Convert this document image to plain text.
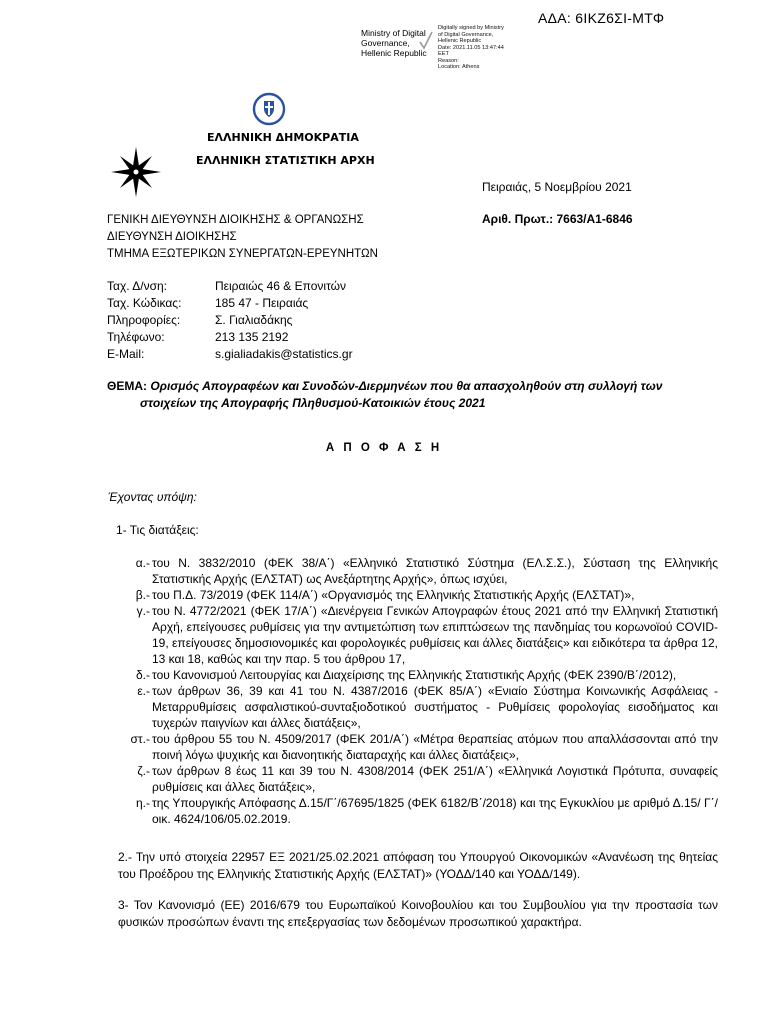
ΑΔΑ: 6ΙΚΖ6ΣΙ-ΜΤΦ
Ministry of Digital
Governance,
Hellenic Republic
Digitally signed by Ministry
of Digital Governance,
Hellenic Republic
Date: 2021.11.05 13:47:44
EET
Reason:
Location: Athens
ΕΛΛΗΝΙΚΗ ΔΗΜΟΚΡΑΤΙΑ
ΕΛΛΗΝΙΚΗ ΣΤΑΤΙΣΤΙΚΗ ΑΡΧΗ
Πειραιάς, 5 Νοεμβρίου 2021
Αριθ. Πρωτ.: 7663/Α1-6846
ΓΕΝΙΚΗ ΔΙΕΥΘΥΝΣΗ ΔΙΟΙΚΗΣΗΣ & ΟΡΓΑΝΩΣΗΣ
ΔΙΕΥΘΥΝΣΗ ΔΙΟΙΚΗΣΗΣ
ΤΜΗΜΑ ΕΞΩΤΕΡΙΚΩΝ ΣΥΝΕΡΓΑΤΩΝ-ΕΡΕΥΝΗΤΩΝ
Ταχ. Δ/νση:	Πειραιώς 46 & Επονιτών
Ταχ. Κώδικας:	185 47 - Πειραιάς
Πληροφορίες:	Σ. Γιαλιαδάκης
Τηλέφωνο:	213 135 2192
E-Mail:	s.gialiadakis@statistics.gr
ΘΕΜΑ: Ορισμός Απογραφέων και Συνοδών-Διερμηνέων που θα απασχοληθούν στη συλλογή των
στοιχείων της Απογραφής Πληθυσμού-Κατοικιών έτους 2021
Α Π Ο Φ Α Σ Η
Έχοντας υπόψη:
1- Τις διατάξεις:
α.- του Ν. 3832/2010 (ΦΕΚ 38/Α΄) «Ελληνικό Στατιστικό Σύστημα (ΕΛ.Σ.Σ.), Σύσταση της Ελληνικής Στατιστικής Αρχής (ΕΛΣΤΑΤ) ως Ανεξάρτητης Αρχής», όπως ισχύει,
β.- του Π.Δ. 73/2019 (ΦΕΚ 114/Α΄) «Οργανισμός της Ελληνικής Στατιστικής Αρχής (ΕΛΣΤΑΤ)»,
γ.- του Ν. 4772/2021 (ΦΕΚ 17/Α΄) «Διενέργεια Γενικών Απογραφών έτους 2021 από την Ελληνική Στατιστική Αρχή, επείγουσες ρυθμίσεις για την αντιμετώπιση των επιπτώσεων της πανδημίας του κορωνοϊού COVID-19, επείγουσες δημοσιονομικές και φορολογικές ρυθμίσεις και άλλες διατάξεις» και ειδικότερα τα άρθρα 12, 13 και 18, καθώς και την παρ. 5 του άρθρου 17,
δ.- του Κανονισμού Λειτουργίας και Διαχείρισης της Ελληνικής Στατιστικής Αρχής (ΦΕΚ 2390/Β΄/2012),
ε.- των άρθρων 36, 39 και 41 του Ν. 4387/2016 (ΦΕΚ 85/Α΄) «Ενιαίο Σύστημα Κοινωνικής Ασφάλειας - Μεταρρυθμίσεις ασφαλιστικού-συνταξιοδοτικού συστήματος - Ρυθμίσεις φορολογίας εισοδήματος και τυχερών παιγνίων και άλλες διατάξεις»,
στ.- του άρθρου 55 του Ν. 4509/2017 (ΦΕΚ 201/Α΄) «Μέτρα θεραπείας ατόμων που απαλλάσσονται από την ποινή λόγω ψυχικής και διανοητικής διαταραχής και άλλες διατάξεις»,
ζ.- των άρθρων 8 έως 11 και 39 του Ν. 4308/2014 (ΦΕΚ 251/Α΄) «Ελληνικά Λογιστικά Πρότυπα, συναφείς ρυθμίσεις και άλλες διατάξεις»,
η.- της Υπουργικής Απόφασης Δ.15/Γ΄/67695/1825 (ΦΕΚ 6182/Β΄/2018) και της Εγκυκλίου με αριθμό Δ.15/ Γ΄/οικ. 4624/106/05.02.2019.
2.- Την υπό στοιχεία 22957 ΕΞ 2021/25.02.2021 απόφαση του Υπουργού Οικονομικών «Ανανέωση της θητείας του Προέδρου της Ελληνικής Στατιστικής Αρχής (ΕΛΣΤΑΤ)» (ΥΟΔΔ/140 και ΥΟΔΔ/149).
3- Τον Κανονισμό (ΕΕ) 2016/679 του Ευρωπαϊκού Κοινοβουλίου και του Συμβουλίου για την προστασία των φυσικών προσώπων έναντι της επεξεργασίας των δεδομένων προσωπικού χαρακτήρα.
